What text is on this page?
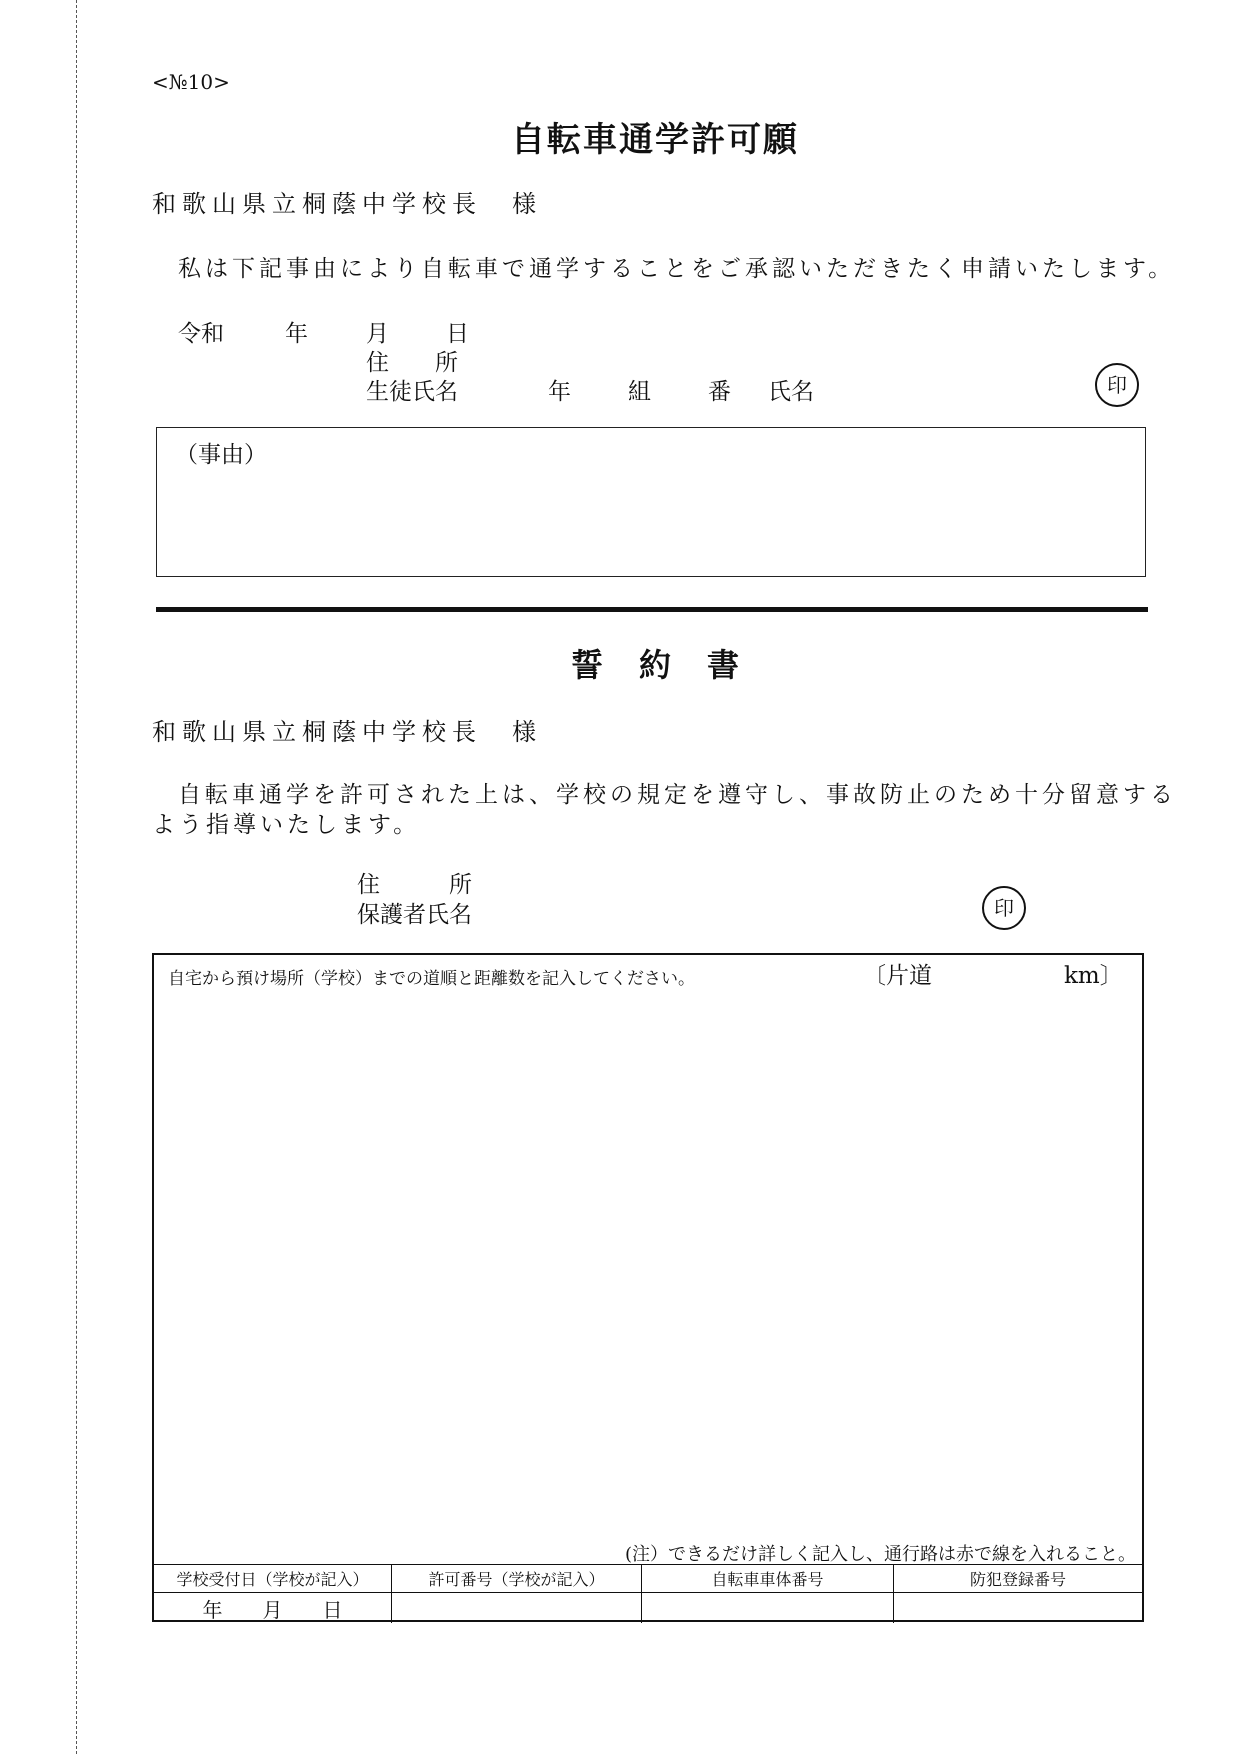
<№10>
自転車通学許可願
和歌山県立桐蔭中学校長　様
私は下記事由により自転車で通学することをご承認いただきたく申請いたします。
令和	年	月 日
住　　所
生徒氏名	年 組 番 氏名	印
（事由）
誓 約 書
和歌山県立桐蔭中学校長　様
自転車通学を許可された上は、学校の規定を遵守し、事故防止のため十分留意する
よう指導いたします。
住　　　所
保護者氏名	印
自宅から預け場所（学校）までの道順と距離数を記入してください。	〔片道	km〕
(注）できるだけ詳しく記入し、通行路は赤で線を入れること。
学校受付日（学校が記入）	許可番号（学校が記入）	自転車車体番号	防犯登録番号
年　　月　　日			
